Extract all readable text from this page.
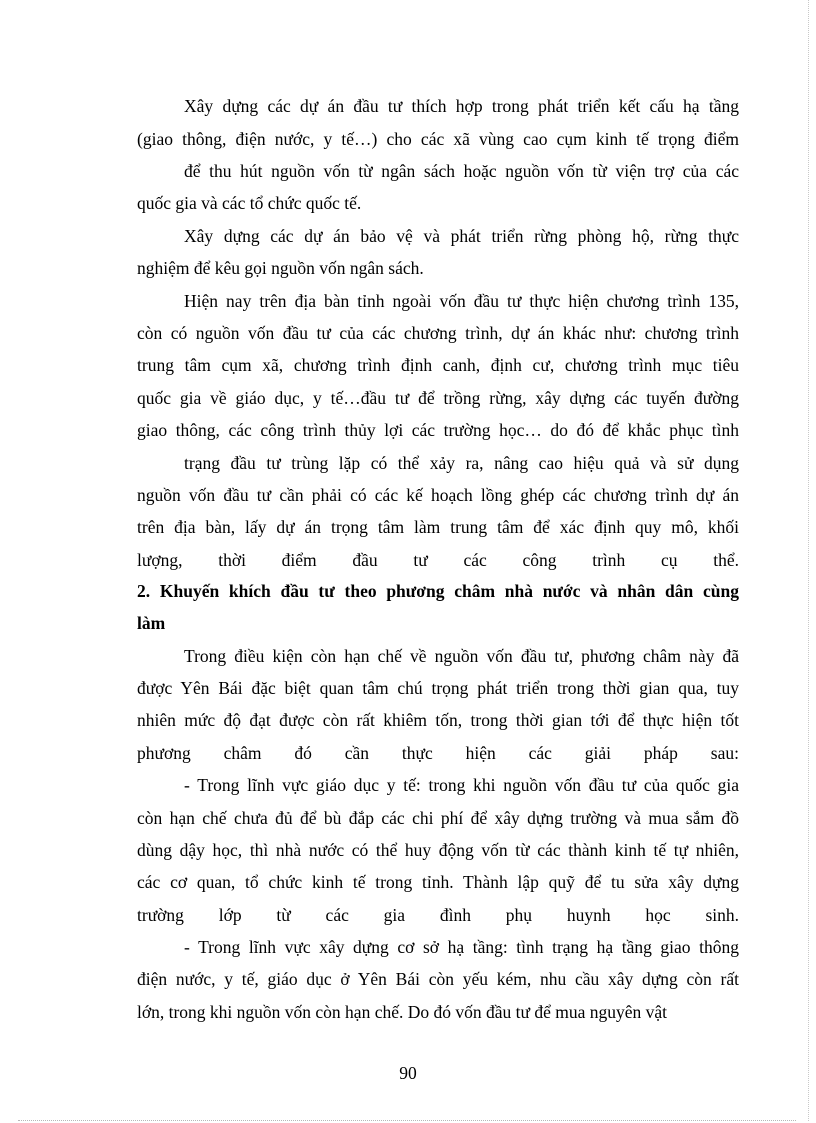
Xây dựng các dự án đầu tư thích hợp trong phát triển kết cấu hạ tầng
(giao thông, điện nước, y tế…) cho các xã vùng cao cụm kinh tế trọng điểm
để thu hút nguồn vốn từ ngân sách hoặc nguồn vốn từ viện trợ của các
quốc gia và các tổ chức quốc tế.
Xây dựng các dự án bảo vệ và phát triển rừng phòng hộ, rừng thực
nghiệm để kêu gọi nguồn vốn ngân sách.
Hiện nay trên địa bàn tỉnh ngoài vốn đầu tư thực hiện chương trình 135,
còn có nguồn vốn đầu tư của các chương trình, dự án khác như: chương trình
trung tâm cụm xã, chương trình định canh, định cư, chương trình mục tiêu
quốc gia về giáo dục, y tế…đầu tư để trồng rừng, xây dựng các tuyến đường
giao thông, các công trình thủy lợi các trường học… do đó để khắc phục tình
trạng đầu tư trùng lặp có thể xảy ra, nâng cao hiệu quả và sử dụng
nguồn vốn đầu tư cần phải có các kế hoạch lồng ghép các chương trình dự án
trên địa bàn, lấy dự án trọng tâm làm trung tâm để xác định quy mô, khối
lượng, thời điểm đầu tư các công trình cụ thể.
2. Khuyến khích đầu tư theo phương châm nhà nước và nhân dân cùng
làm
Trong điều kiện còn hạn chế về nguồn vốn đầu tư, phương châm này đã
được Yên Bái đặc biệt quan tâm chú trọng phát triển trong thời gian qua, tuy
nhiên mức độ đạt được còn rất khiêm tốn, trong thời gian tới để thực hiện tốt
phương châm đó cần thực hiện các giải pháp sau:
- Trong lĩnh vực giáo dục y tế: trong khi nguồn vốn đầu tư của quốc gia
còn hạn chế chưa đủ để bù đắp các chi phí để xây dựng trường và mua sắm đồ
dùng dậy học, thì nhà nước có thể huy động vốn từ các thành kinh tế tự nhiên,
các cơ quan, tổ chức kinh tế trong tỉnh. Thành lập quỹ để tu sửa xây dựng
trường lớp từ các gia đình phụ huynh học sinh.
- Trong lĩnh vực xây dựng cơ sở hạ tầng: tình trạng hạ tầng giao thông
điện nước, y tế, giáo dục ở Yên Bái còn yếu kém, nhu cầu xây dựng còn rất
lớn, trong khi nguồn vốn còn hạn chế. Do đó vốn đầu tư để mua nguyên vật
90
